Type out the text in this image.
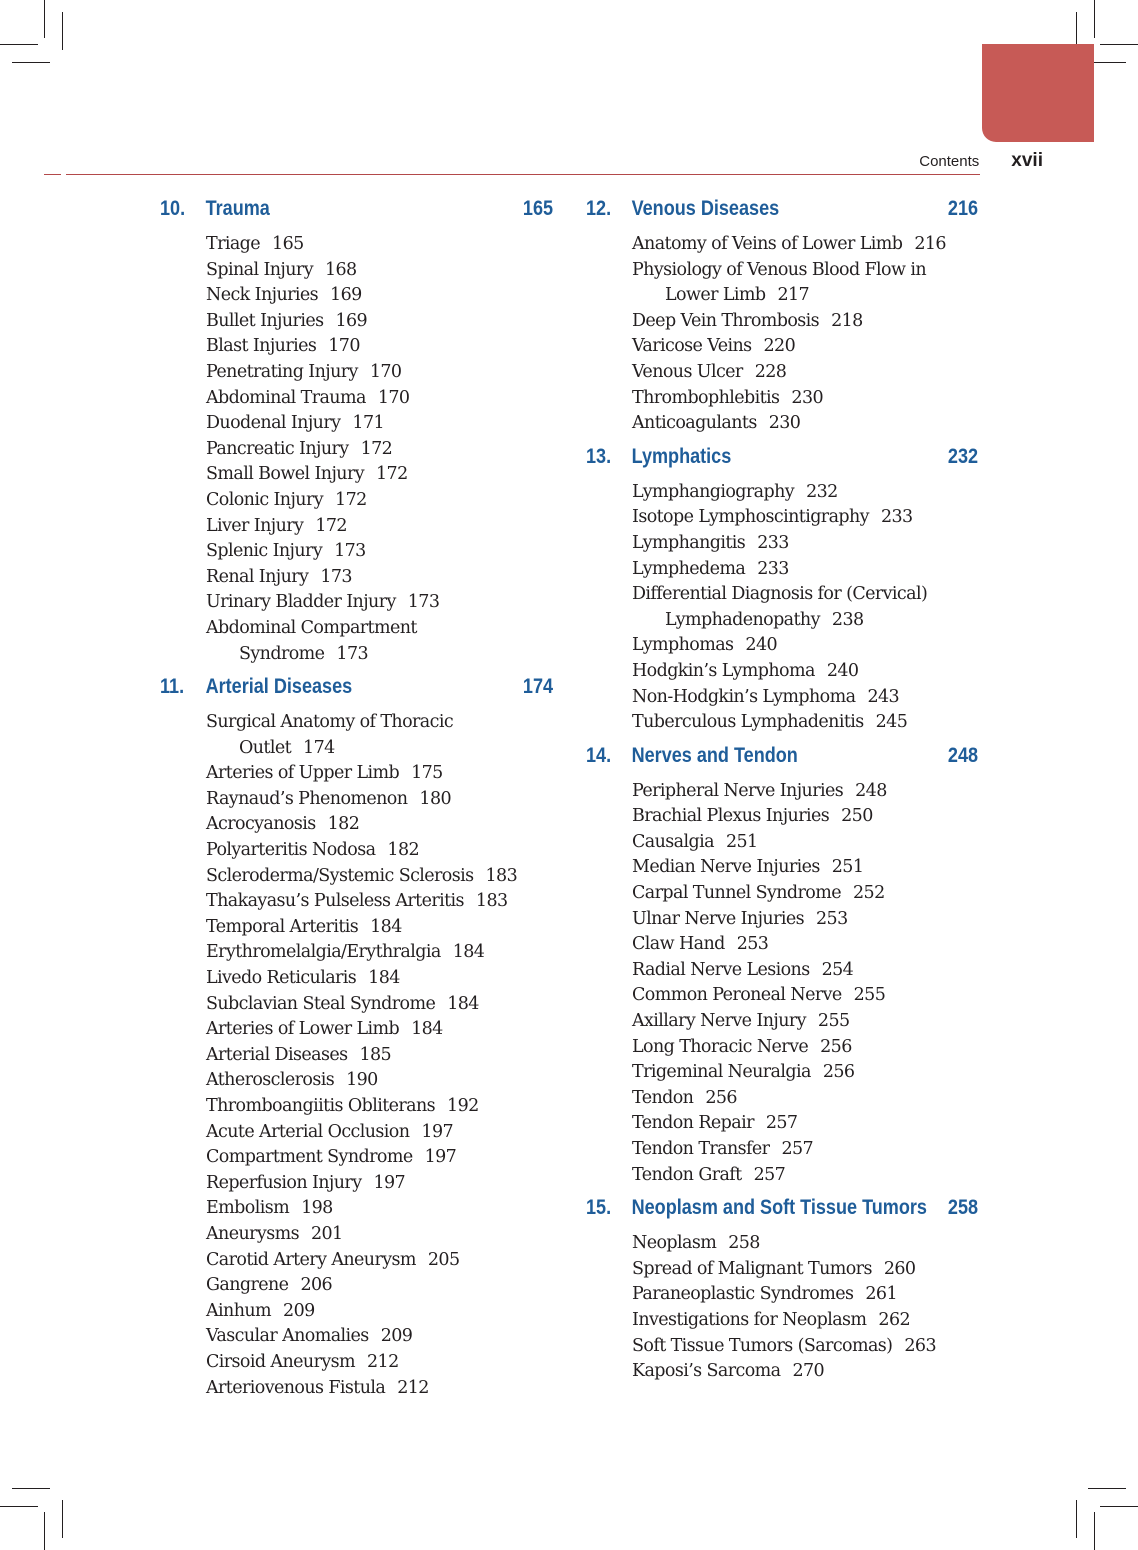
Contents xvii
10. Trauma	165
Triage 165
Spinal Injury 168
Neck Injuries 169
Bullet Injuries 169
Blast Injuries 170
Penetrating Injury 170
Abdominal Trauma 170
Duodenal Injury 171
Pancreatic Injury 172
Small Bowel Injury 172
Colonic Injury 172
Liver Injury 172
Splenic Injury 173
Renal Injury 173
Urinary Bladder Injury 173
Abdominal Compartment
Syndrome 173
11.	Arterial Diseases	174
Surgical Anatomy of Thoracic
Outlet 174
Arteries of Upper Limb 175
Raynaud’s Phenomenon 180
Acrocyanosis 182
Polyarteritis Nodosa 182
Scleroderma/Systemic Sclerosis 183
Thakayasu’s Pulseless Arteritis 183
Temporal Arteritis 184
Erythromelalgia/Erythralgia 184
Livedo Reticularis 184
Subclavian Steal Syndrome 184
Arteries of Lower Limb 184
Arterial Diseases 185
Atherosclerosis 190
Thromboangiitis Obliterans 192
Acute Arterial Occlusion 197
Compartment Syndrome 197
Reperfusion Injury 197
Embolism 198
Aneurysms 201
Carotid Artery Aneurysm 205
Gangrene 206
Ainhum 209
Vascular Anomalies 209
Cirsoid Aneurysm 212
Arteriovenous Fistula 212
12. Venous Diseases	216
Anatomy of Veins of Lower Limb 216
Physiology of Venous Blood Flow in
Lower Limb 217
Deep Vein Thrombosis 218
Varicose Veins 220
Venous Ulcer 228
Thrombophlebitis 230
Anticoagulants 230
13. Lymphatics	232
Lymphangiography 232
Isotope Lymphoscintigraphy 233
Lymphangitis 233
Lymphedema 233
Differential Diagnosis for (Cervical)
Lymphadenopathy 238
Lymphomas 240
Hodgkin’s Lymphoma 240
Non-Hodgkin’s Lymphoma 243
Tuberculous Lymphadenitis 245
14. Nerves and Tendon	248
Peripheral Nerve Injuries 248
Brachial Plexus Injuries 250
Causalgia 251
Median Nerve Injuries 251
Carpal Tunnel Syndrome 252
Ulnar Nerve Injuries 253
Claw Hand 253
Radial Nerve Lesions 254
Common Peroneal Nerve 255
Axillary Nerve Injury 255
Long Thoracic Nerve 256
Trigeminal Neuralgia 256
Tendon 256
Tendon Repair 257
Tendon Transfer 257
Tendon Graft 257
15. Neoplasm and Soft Tissue Tumors 258
Neoplasm 258
Spread of Malignant Tumors 260
Paraneoplastic Syndromes 261
Investigations for Neoplasm 262
Soft Tissue Tumors (Sarcomas) 263
Kaposi’s Sarcoma 270
